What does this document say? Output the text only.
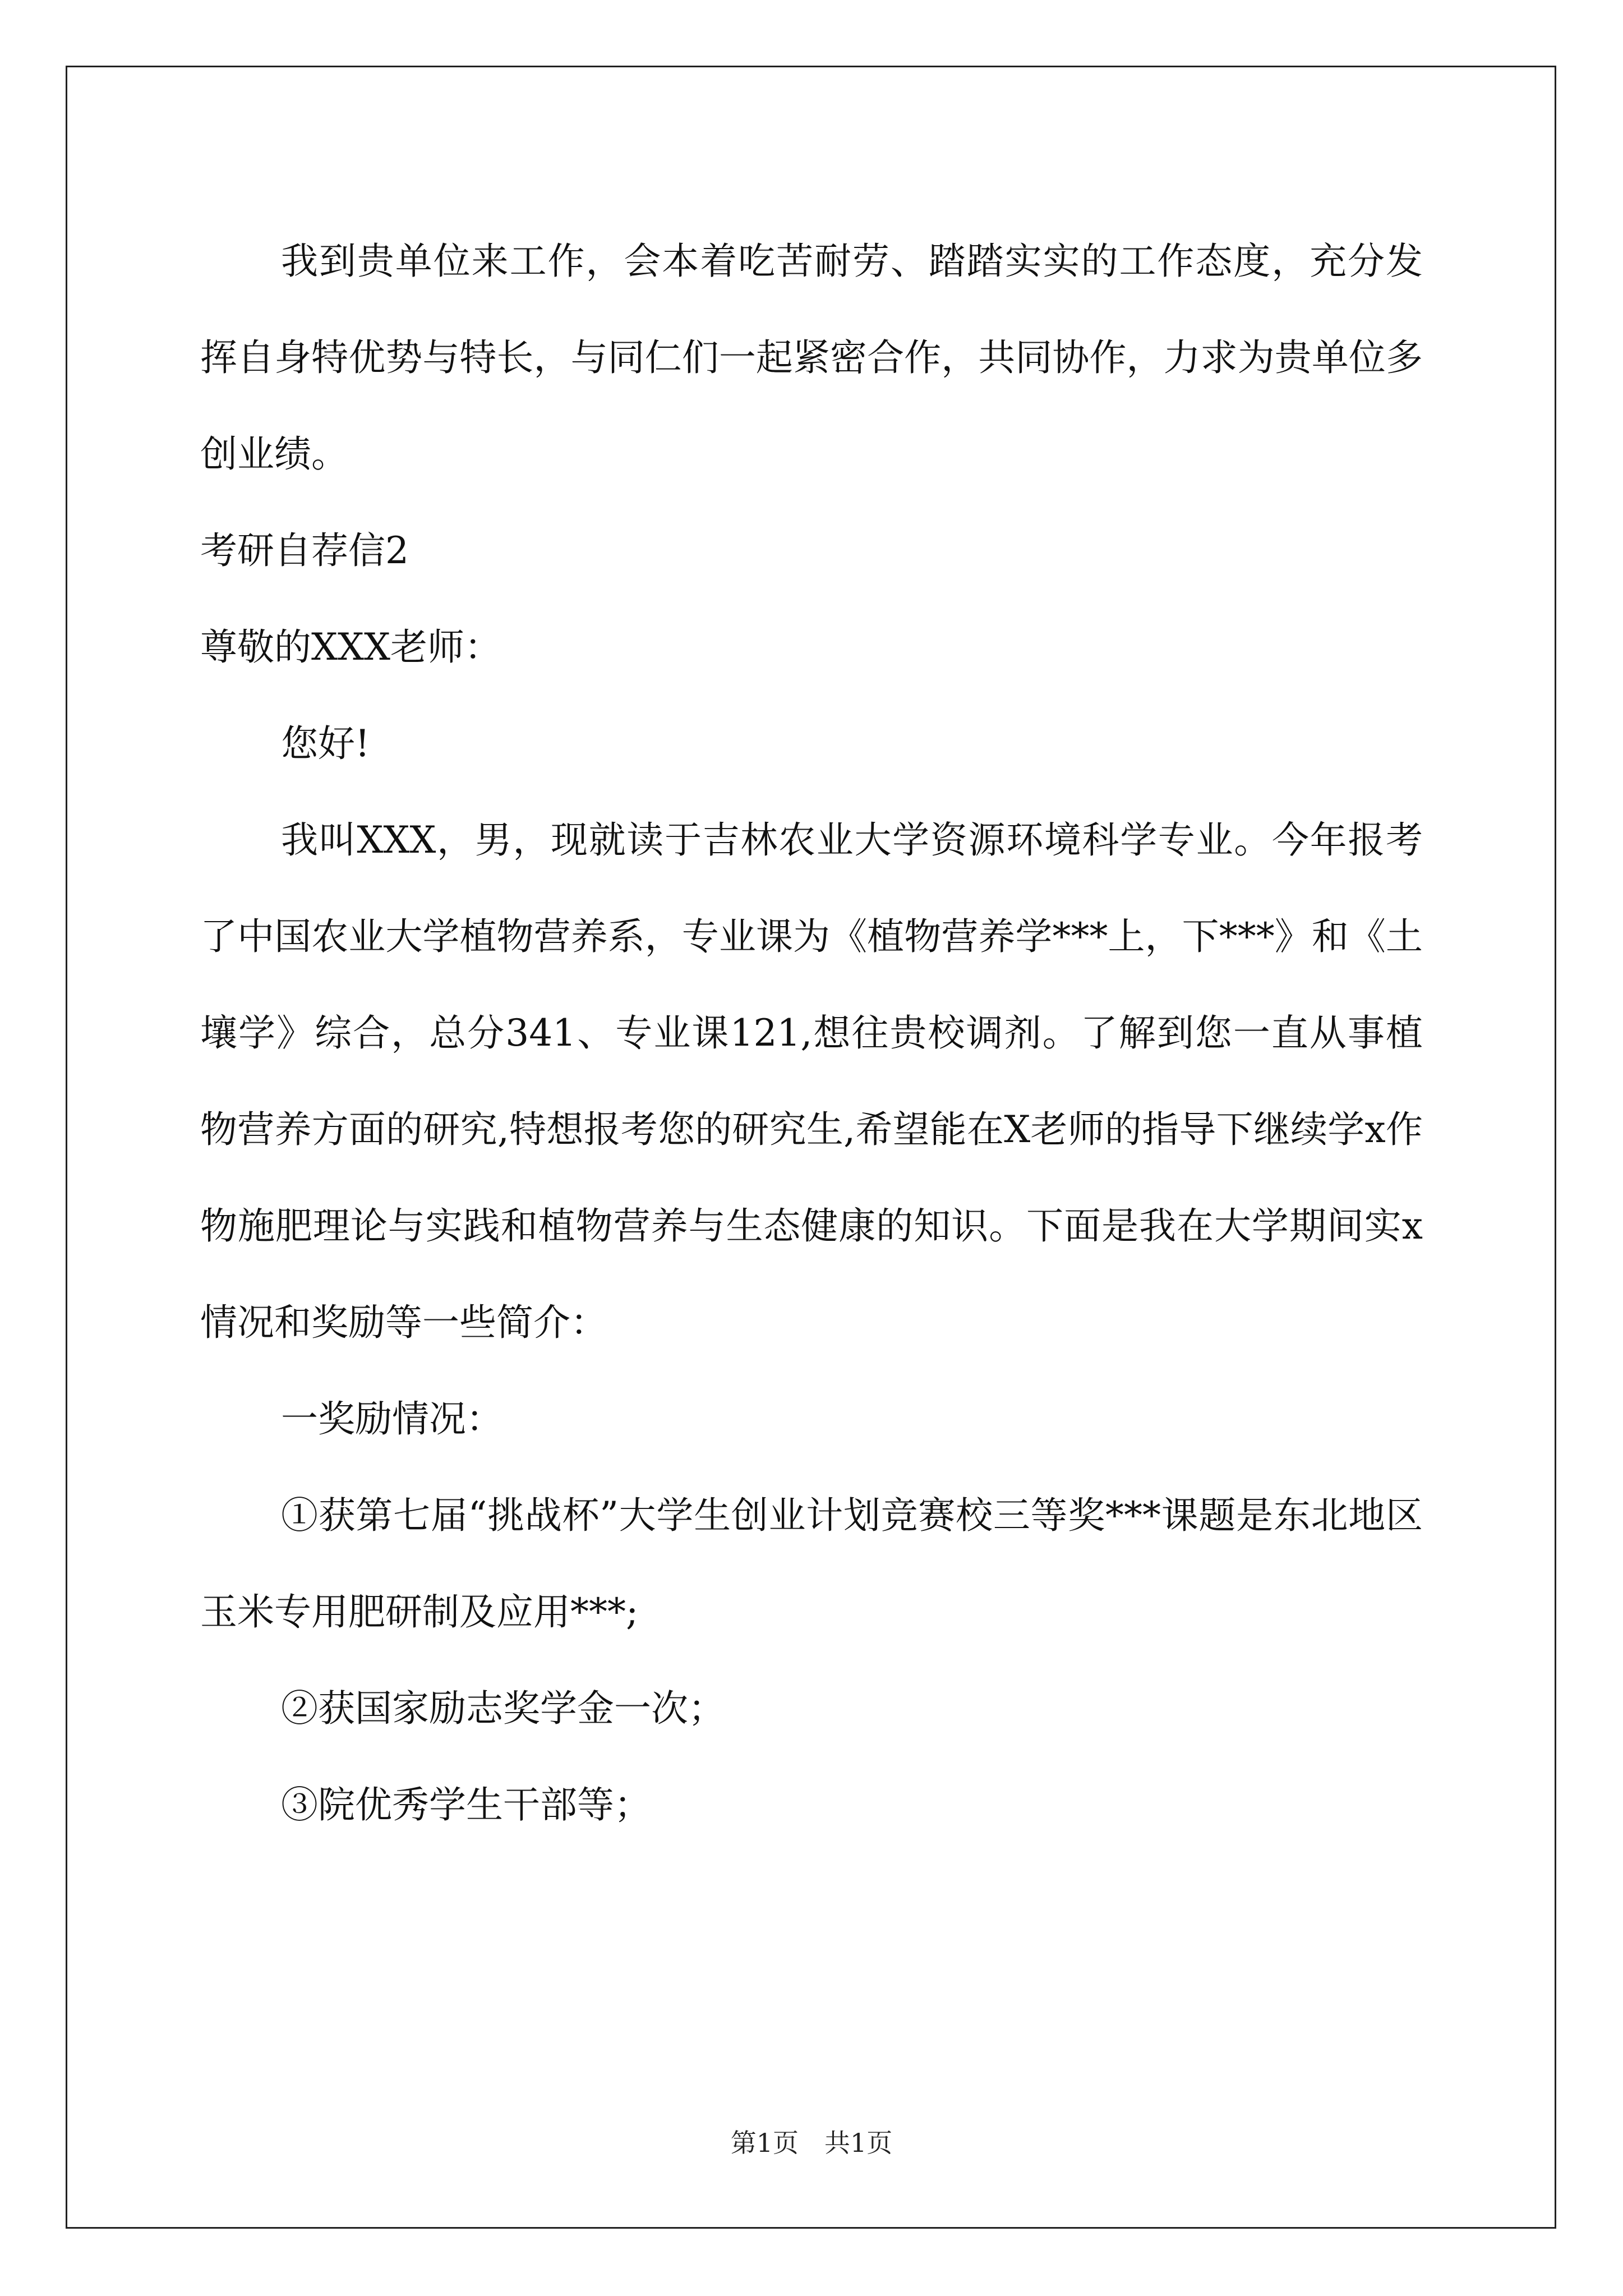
我到贵单位来工作，会本着吃苦耐劳、踏踏实实的工作态度，充分发挥自身特优势与特长，与同仁们一起紧密合作，共同协作，力求为贵单位多创业绩。

考研自荐信2

尊敬的XXX老师：

您好!

我叫XXX，男，现就读于吉林农业大学资源环境科学专业。今年报考了中国农业大学植物营养系，专业课为《植物营养学***上，下***》和《土壤学》综合，总分341、专业课121,想往贵校调剂。了解到您一直从事植物营养方面的研究,特想报考您的研究生,希望能在X老师的指导下继续学x作物施肥理论与实践和植物营养与生态健康的知识。下面是我在大学期间实x情况和奖励等一些简介：

一奖励情况：

①获第七届“挑战杯”大学生创业计划竞赛校三等奖***课题是东北地区玉米专用肥研制及应用***;

②获国家励志奖学金一次；

③院优秀学生干部等；

第1页　共1页
